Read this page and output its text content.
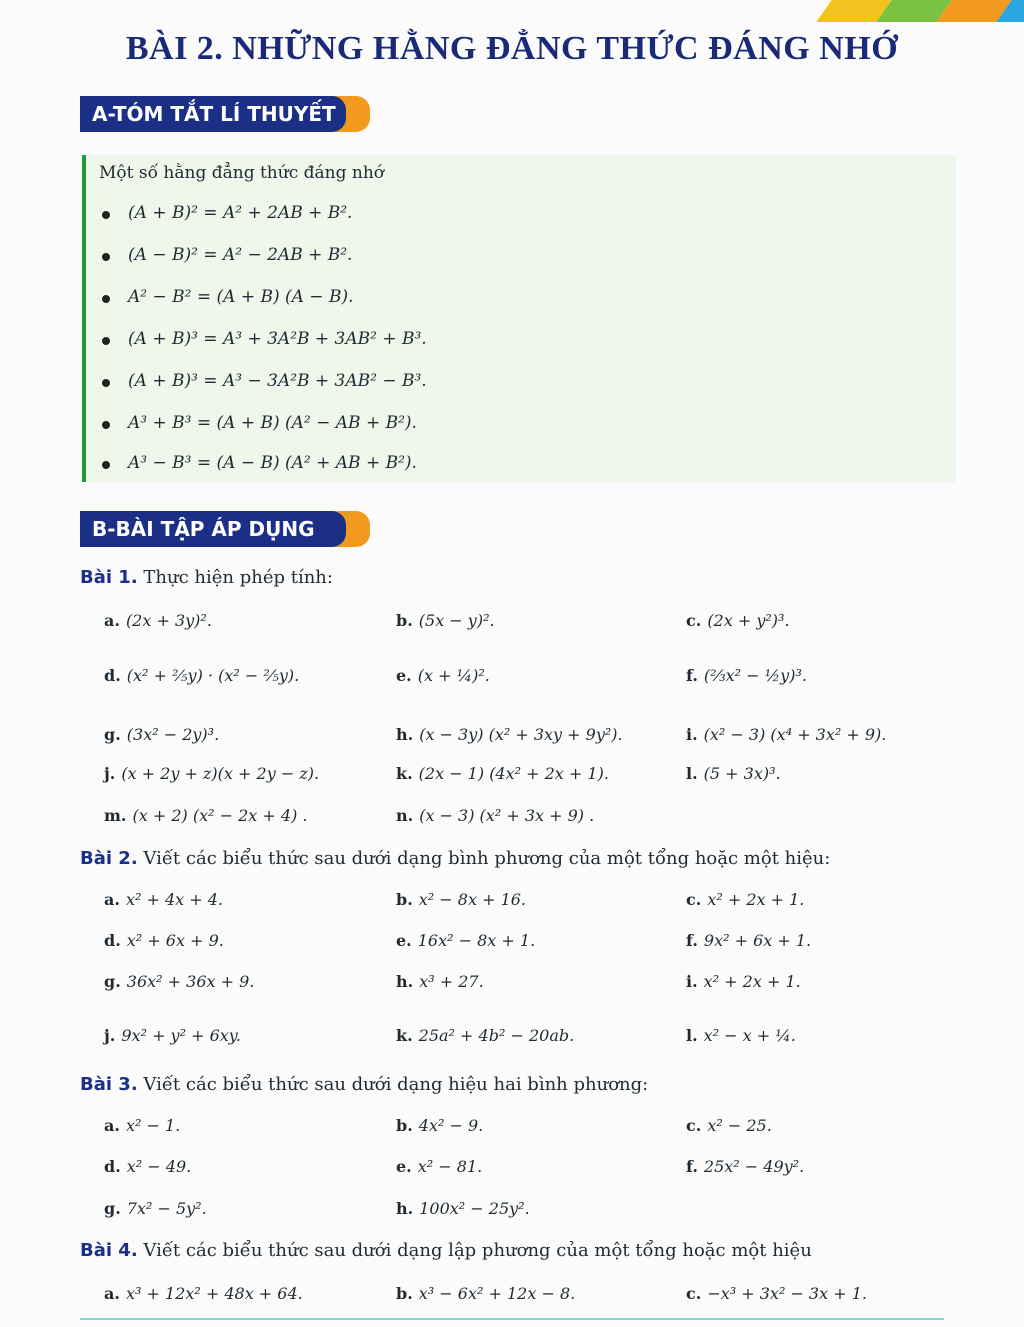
BÀI 2. NHỮNG HẰNG ĐẲNG THỨC ĐÁNG NHỚ
A-TÓM TẮT LÍ THUYẾT
Một số hằng đẳng thức đáng nhớ
(A + B)² = A² + 2AB + B².
(A − B)² = A² − 2AB + B².
A² − B² = (A + B) (A − B).
(A + B)³ = A³ + 3A²B + 3AB² + B³.
(A + B)³ = A³ − 3A²B + 3AB² − B³.
A³ + B³ = (A + B) (A² − AB + B²).
A³ − B³ = (A − B) (A² + AB + B²).
B-BÀI TẬP ÁP DỤNG
Bài 1. Thực hiện phép tính:
a. (2x + 3y)².	b. (5x − y)².	c. (2x + y²)³.
d. (x² + ⅖y) · (x² − ⅖y).	e. (x + ¼)².	f. (⅔x² − ½y)³.
g. (3x² − 2y)³.	h. (x − 3y) (x² + 3xy + 9y²).	i. (x² − 3) (x⁴ + 3x² + 9).
j. (x + 2y + z)(x + 2y − z).	k. (2x − 1) (4x² + 2x + 1).	l. (5 + 3x)³.
m. (x + 2) (x² − 2x + 4) .	n. (x − 3) (x² + 3x + 9) .
Bài 2. Viết các biểu thức sau dưới dạng bình phương của một tổng hoặc một hiệu:
a. x² + 4x + 4.	b. x² − 8x + 16.	c. x² + 2x + 1.
d. x² + 6x + 9.	e. 16x² − 8x + 1.	f. 9x² + 6x + 1.
g. 36x² + 36x + 9.	h. x³ + 27.	i. x² + 2x + 1.
j. 9x² + y² + 6xy.	k. 25a² + 4b² − 20ab.	l. x² − x + ¼.
Bài 3. Viết các biểu thức sau dưới dạng hiệu hai bình phương:
a. x² − 1.	b. 4x² − 9.	c. x² − 25.
d. x² − 49.	e. x² − 81.	f. 25x² − 49y².
g. 7x² − 5y².	h. 100x² − 25y².
Bài 4. Viết các biểu thức sau dưới dạng lập phương của một tổng hoặc một hiệu
a. x³ + 12x² + 48x + 64.	b. x³ − 6x² + 12x − 8.	c. −x³ + 3x² − 3x + 1.
